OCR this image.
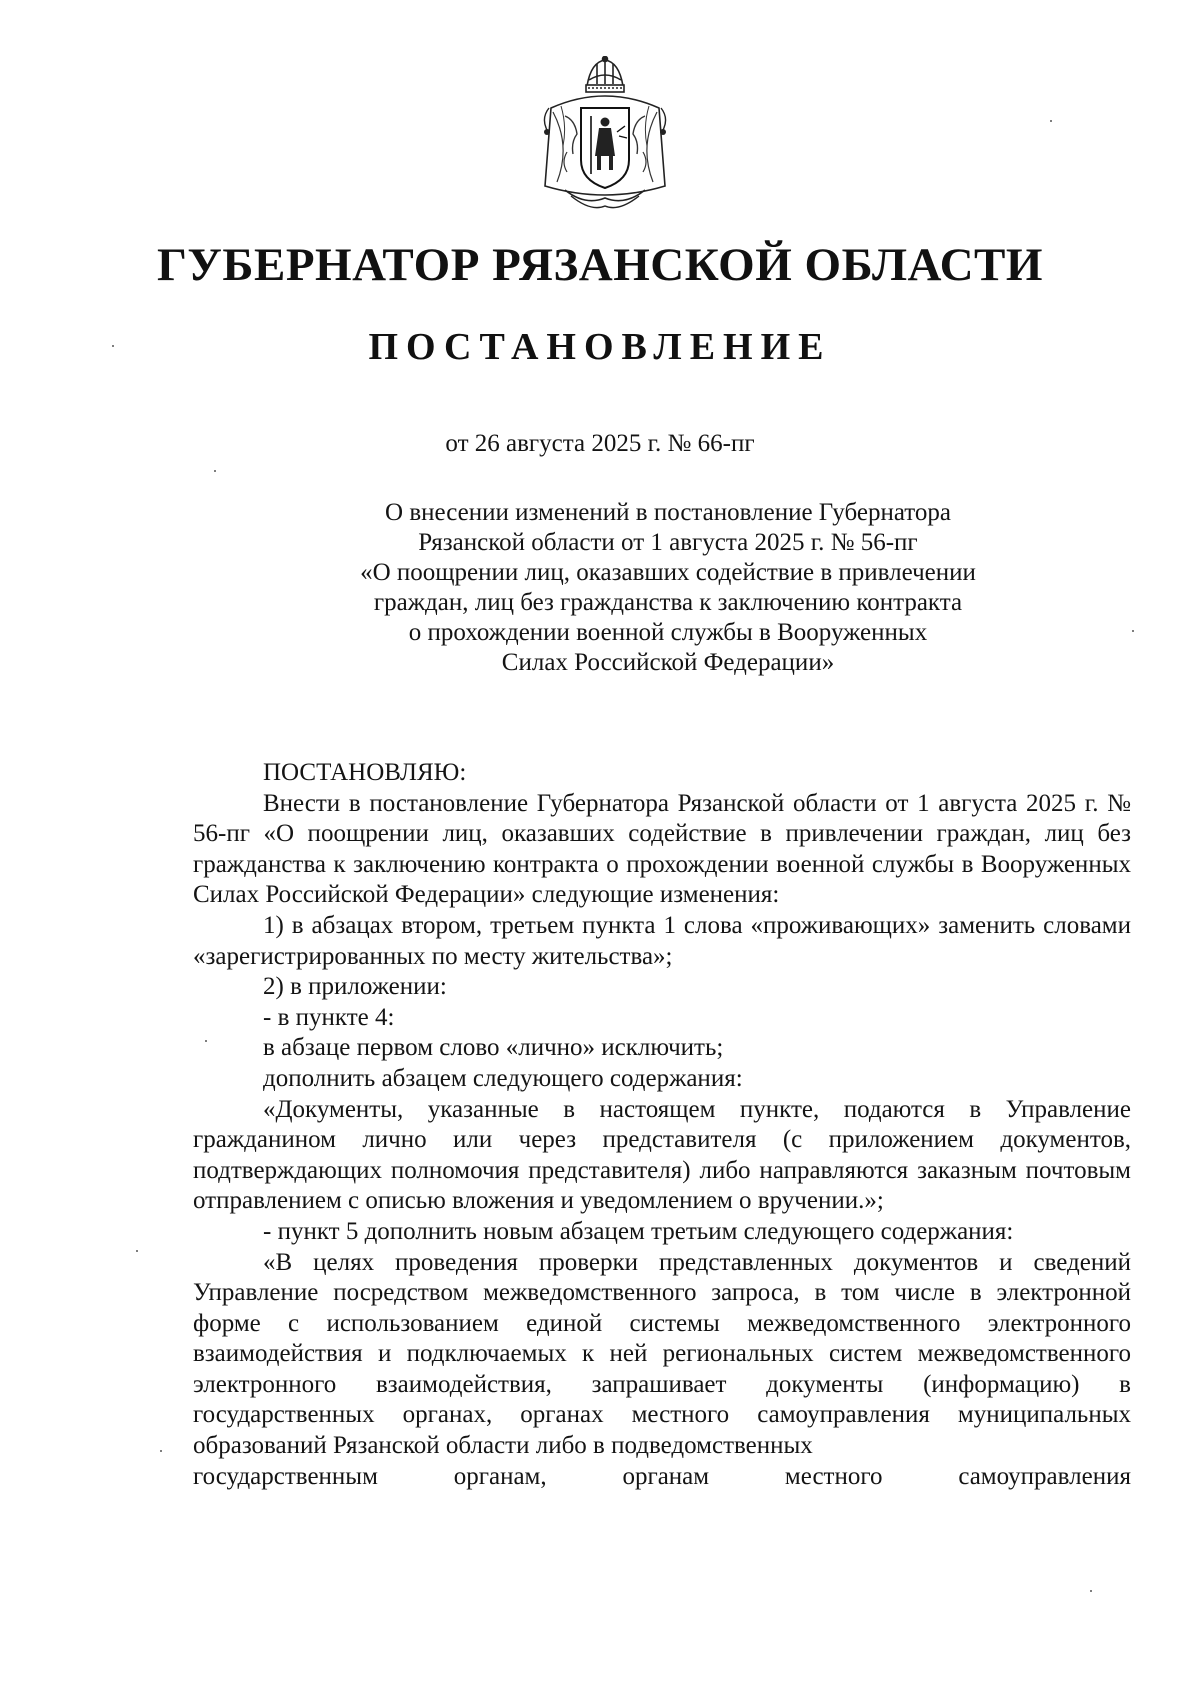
ГУБЕРНАТОР РЯЗАНСКОЙ ОБЛАСТИ
ПОСТАНОВЛЕНИЕ
от 26 августа 2025 г. № 66-пг
О внесении изменений в постановление Губернатора
Рязанской области от 1 августа 2025 г. № 56-пг
«О поощрении лиц, оказавших содействие в привлечении
граждан, лиц без гражданства к заключению контракта
о прохождении военной службы в Вооруженных
Силах Российской Федерации»

ПОСТАНОВЛЯЮ:

Внести в постановление Губернатора Рязанской области от 1 августа 2025 г. № 56-пг «О поощрении лиц, оказавших содействие в привлечении граждан, лиц без гражданства к заключению контракта о прохождении военной службы в Вооруженных Силах Российской Федерации» следующие изменения:

1) в абзацах втором, третьем пункта 1 слова «проживающих» заменить словами «зарегистрированных по месту жительства»;

2) в приложении:

- в пункте 4:

в абзаце первом слово «лично» исключить;

дополнить абзацем следующего содержания:

«Документы, указанные в настоящем пункте, подаются в Управление гражданином лично или через представителя (с приложением документов, подтверждающих полномочия представителя) либо направляются заказным почтовым отправлением с описью вложения и уведомлением о вручении.»;

- пункт 5 дополнить новым абзацем третьим следующего содержания:

«В целях проведения проверки представленных документов и сведений Управление посредством межведомственного запроса, в том числе в электронной форме с использованием единой системы межведомственного электронного взаимодействия и подключаемых к ней региональных систем межведомственного электронного взаимодействия, запрашивает документы (информацию) в государственных органах, органах местного самоуправления муниципальных образований Рязанской области либо в подведомственных

государственным	органам,	органам	местного	самоуправления
